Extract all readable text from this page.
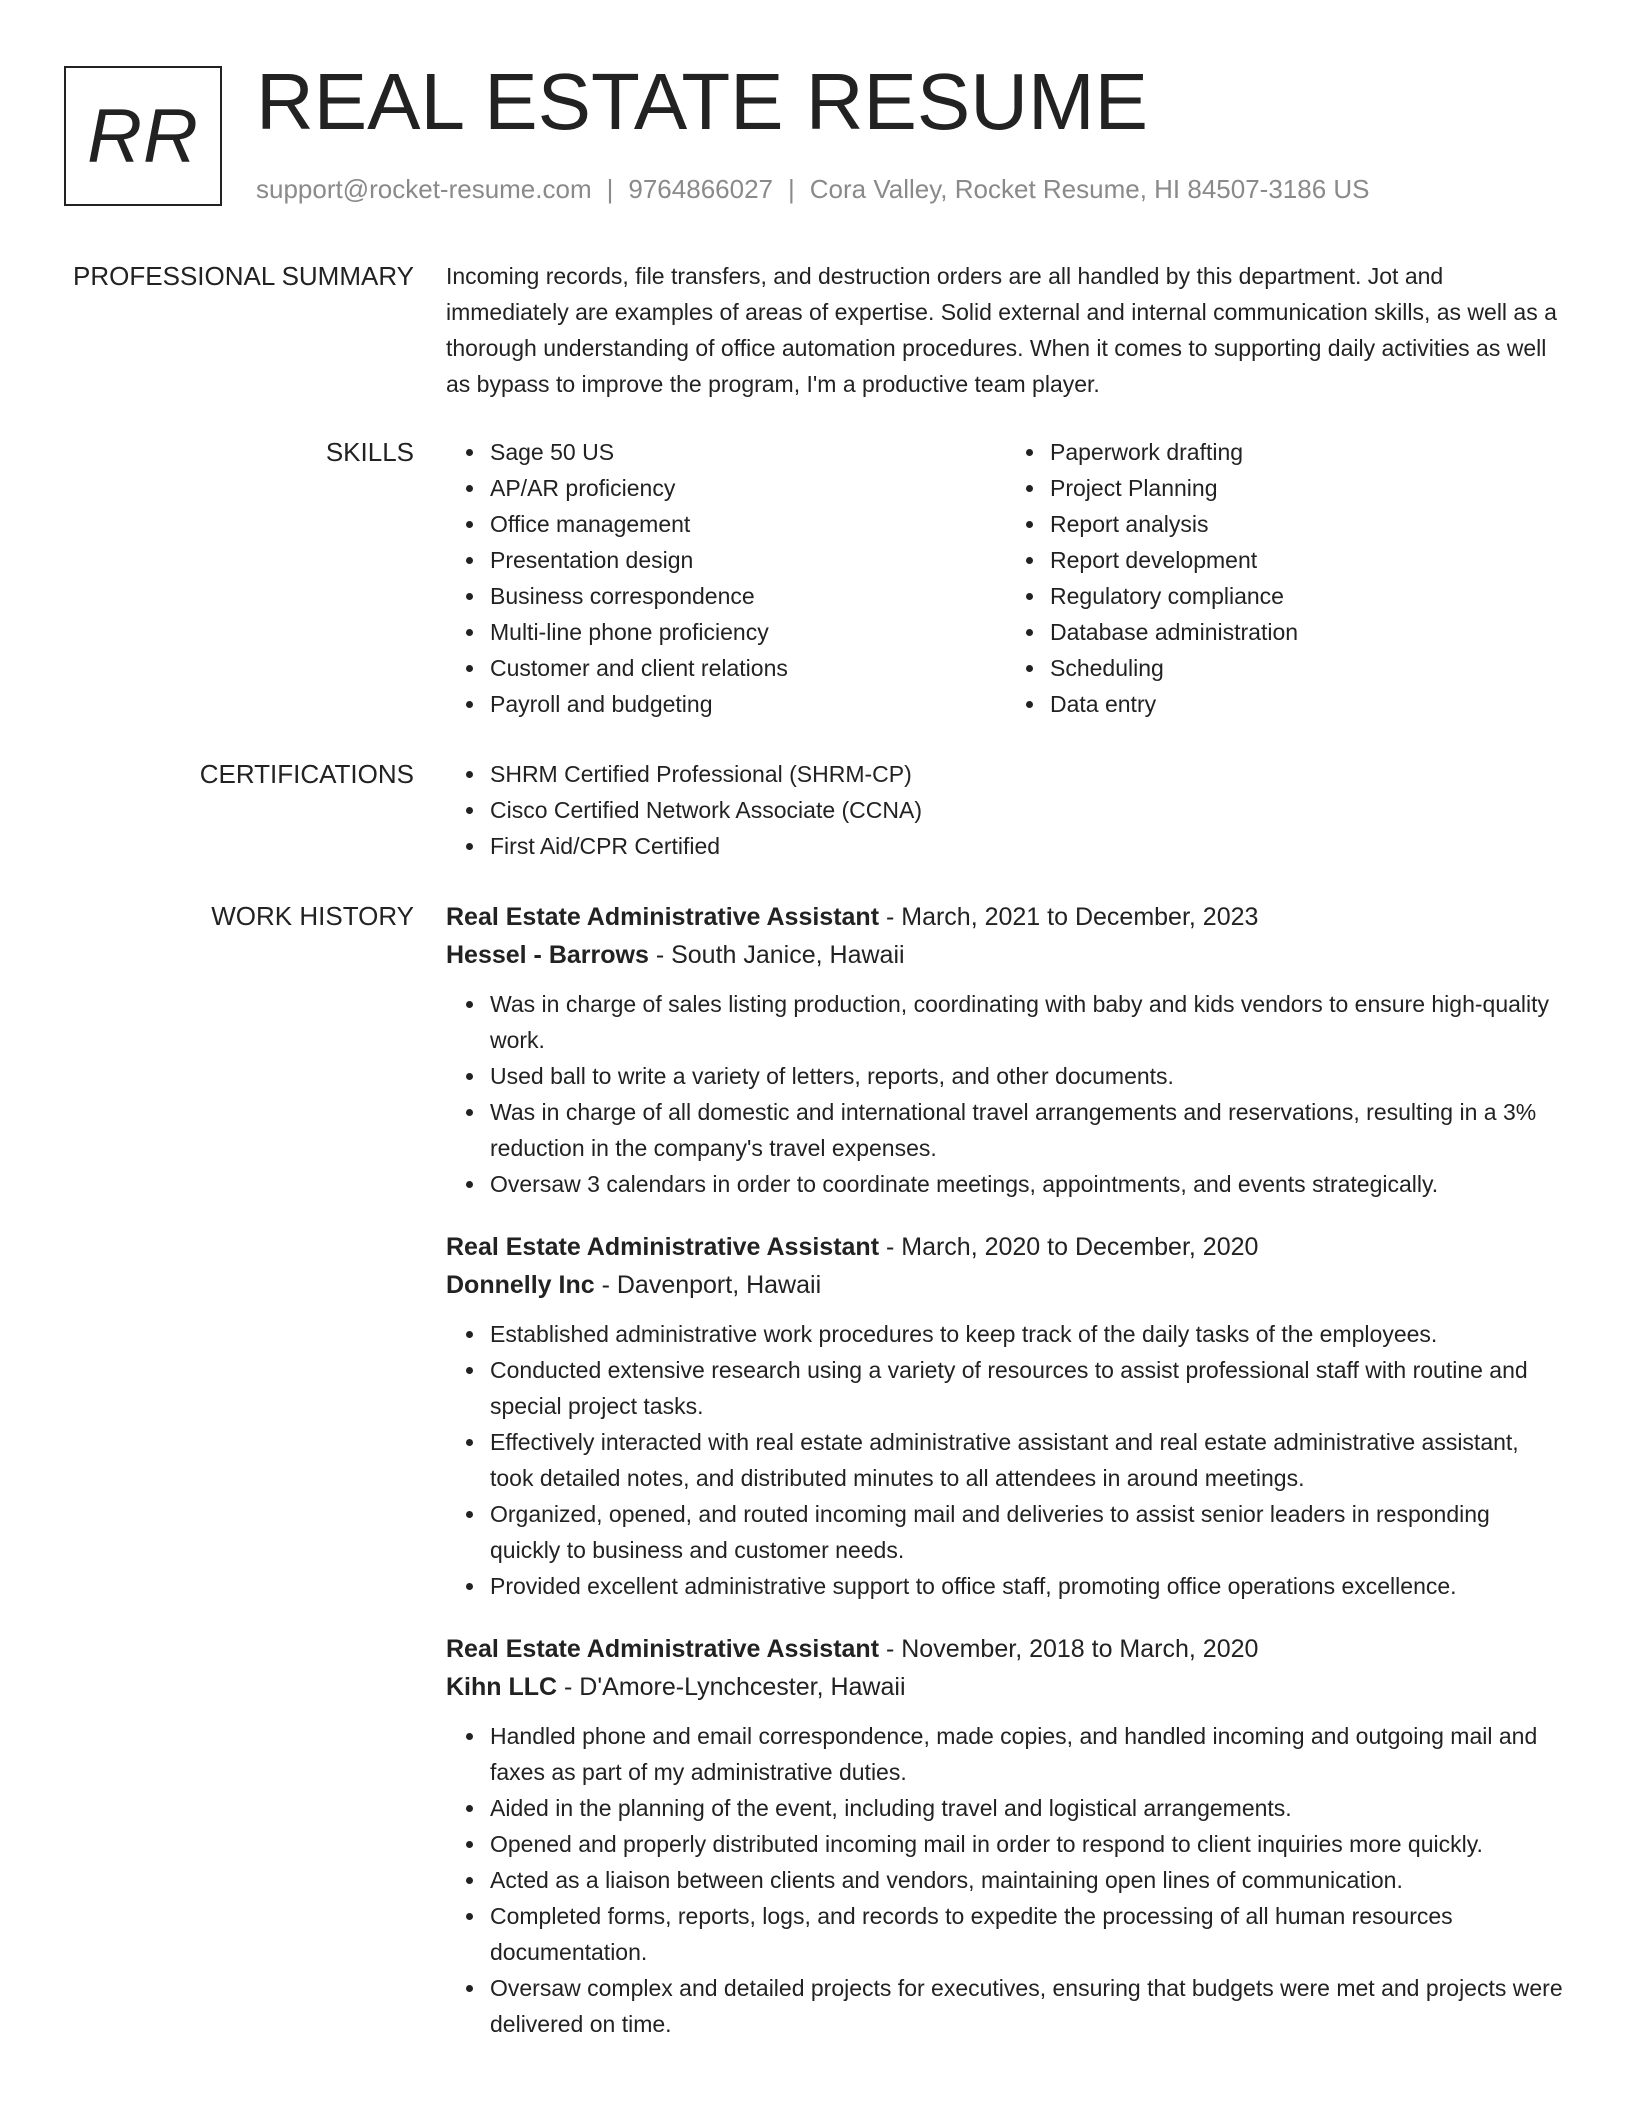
RR REAL ESTATE RESUME
support@rocket-resume.com | 9764866027 | Cora Valley, Rocket Resume, HI 84507-3186 US
PROFESSIONAL SUMMARY Incoming records, file transfers, and destruction orders are all handled by this department. Jot and immediately are examples of areas of expertise. Solid external and internal communication skills, as well as a thorough understanding of office automation procedures. When it comes to supporting daily activities as well as bypass to improve the program, I'm a productive team player.

SKILLS	Sage 50 US
AP/AR proficiency
Office management
Presentation design
Business correspondence
Multi-line phone proficiency
Customer and client relations
Payroll and budgeting
Paperwork drafting
Project Planning
Report analysis
Report development
Regulatory compliance
Database administration
Scheduling
Data entry
CERTIFICATIONS	SHRM Certified Professional (SHRM-CP)
Cisco Certified Network Associate (CCNA)
First Aid/CPR Certified
WORK HISTORY Real Estate Administrative Assistant - March, 2021 to December, 2023
Hessel - Barrows - South Janice, Hawaii
Was in charge of sales listing production, coordinating with baby and kids vendors to ensure high-quality work.
Used ball to write a variety of letters, reports, and other documents.
Was in charge of all domestic and international travel arrangements and reservations, resulting in a 3% reduction in the company's travel expenses.
Oversaw 3 calendars in order to coordinate meetings, appointments, and events strategically.
Real Estate Administrative Assistant - March, 2020 to December, 2020
Donnelly Inc - Davenport, Hawaii
Established administrative work procedures to keep track of the daily tasks of the employees.
Conducted extensive research using a variety of resources to assist professional staff with routine and special project tasks.
Effectively interacted with real estate administrative assistant and real estate administrative assistant, took detailed notes, and distributed minutes to all attendees in around meetings.
Organized, opened, and routed incoming mail and deliveries to assist senior leaders in responding quickly to business and customer needs.
Provided excellent administrative support to office staff, promoting office operations excellence.
Real Estate Administrative Assistant - November, 2018 to March, 2020
Kihn LLC - D'Amore-Lynchcester, Hawaii
Handled phone and email correspondence, made copies, and handled incoming and outgoing mail and faxes as part of my administrative duties.
Aided in the planning of the event, including travel and logistical arrangements.
Opened and properly distributed incoming mail in order to respond to client inquiries more quickly.
Acted as a liaison between clients and vendors, maintaining open lines of communication.
Completed forms, reports, logs, and records to expedite the processing of all human resources documentation.
Oversaw complex and detailed projects for executives, ensuring that budgets were met and projects were delivered on time.
